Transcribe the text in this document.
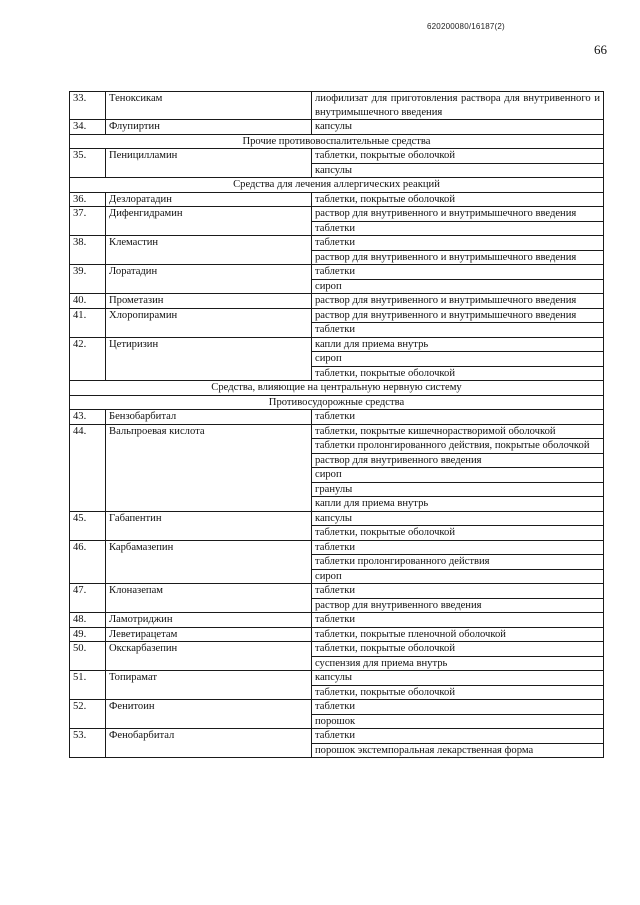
620200080/16187(2)
66
33.	Теноксикам	лиофилизат для приготовления раствора для внутривенного и внутримышечного введения
34.	Флупиртин	капсулы
Прочие противовоспалительные средства		
35.	Пеницилламин	таблетки, покрытые оболочкой
		капсулы
Средства для лечения аллергических реакций		
36.	Дезлоратадин	таблетки, покрытые оболочкой
37.	Дифенгидрамин	раствор для внутривенного и внутримышечного введения
		таблетки
38.	Клемастин	таблетки
		раствор для внутривенного и внутримышечного введения
39.	Лоратадин	таблетки
		сироп
40.	Прометазин	раствор для внутривенного и внутримышечного введения
41.	Хлоропирамин	раствор для внутривенного и внутримышечного введения
		таблетки
42.	Цетиризин	капли для приема внутрь
		сироп
		таблетки, покрытые оболочкой
Средства, влияющие на центральную нервную систему		
Противосудорожные средства		
43.	Бензобарбитал	таблетки
44.	Вальпроевая кислота	таблетки, покрытые кишечнорастворимой оболочкой
		таблетки пролонгированного действия, покрытые оболочкой
		раствор для внутривенного введения
		сироп
		гранулы
		капли для приема внутрь
45.	Габапентин	капсулы
		таблетки, покрытые оболочкой
46.	Карбамазепин	таблетки
		таблетки пролонгированного действия
		сироп
47.	Клоназепам	таблетки
		раствор для внутривенного введения
48.	Ламотриджин	таблетки
49.	Леветирацетам	таблетки, покрытые пленочной оболочкой
50.	Окскарбазепин	таблетки, покрытые оболочкой
		суспензия для приема внутрь
51.	Топирамат	капсулы
		таблетки, покрытые оболочкой
52.	Фенитоин	таблетки
		порошок
53.	Фенобарбитал	таблетки
		порошок экстемпоральная лекарственная форма
